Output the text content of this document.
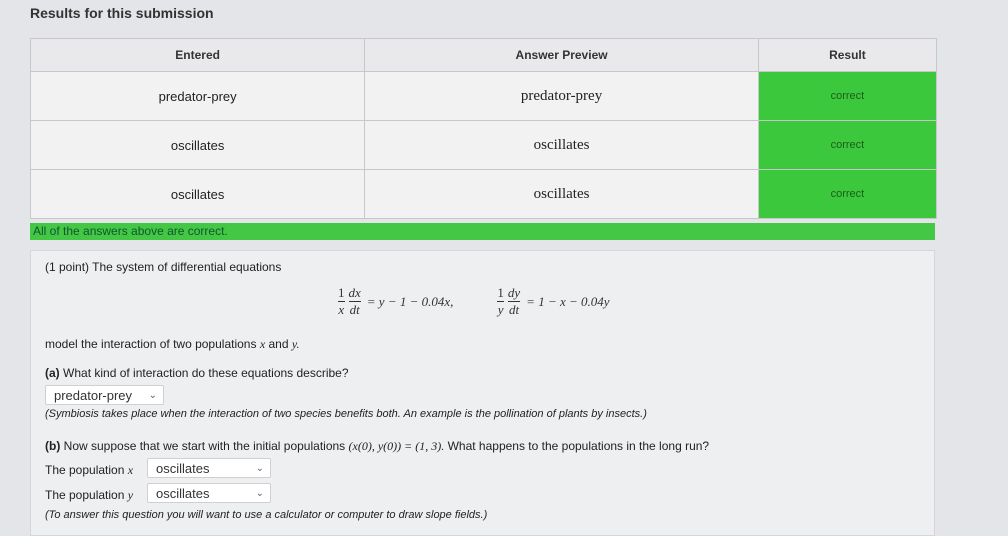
Results for this submission
Entered	Answer Preview	Result
predator-prey	predator-prey	correct
oscillates	oscillates	correct
oscillates	oscillates	correct
All of the answers above are correct.
(1 point) The system of differential equations
$\frac{1}{x} \frac{dx}{dt} = y - 1 - 0.04x$,	$\frac{1}{y} \frac{dy}{dt} = 1 - x - 0.04y$
model the interaction of two populations x and y.
(a) What kind of interaction do these equations describe?
predator-prey ⌄
(Symbiosis takes place when the interaction of two species benefits both. An example is the pollination of plants by insects.)
(b) Now suppose that we start with the initial populations (x(0), y(0)) = (1, 3). What happens to the populations in the long run?
The population x	oscillates	⌄
The population y	oscillates	⌄
(To answer this question you will want to use a calculator or computer to draw slope fields.)
